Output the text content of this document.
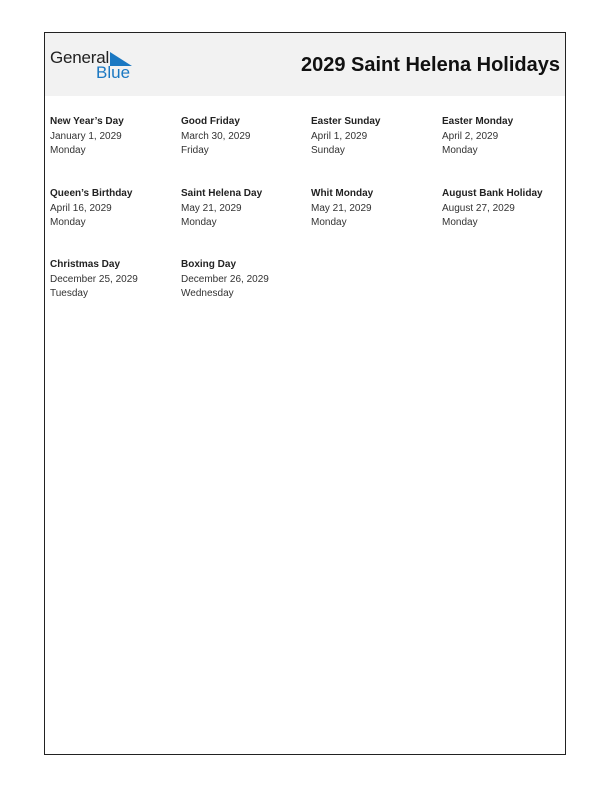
General
Blue	2029 Saint Helena Holidays
New Year’s Day
January 1, 2029
Monday
Good Friday
March 30, 2029
Friday
Easter Sunday
April 1, 2029
Sunday
Easter Monday
April 2, 2029
Monday
Queen’s Birthday
April 16, 2029
Monday
Saint Helena Day
May 21, 2029
Monday
Whit Monday
May 21, 2029
Monday
August Bank Holiday
August 27, 2029
Monday
Christmas Day
December 25, 2029
Tuesday
Boxing Day
December 26, 2029
Wednesday
